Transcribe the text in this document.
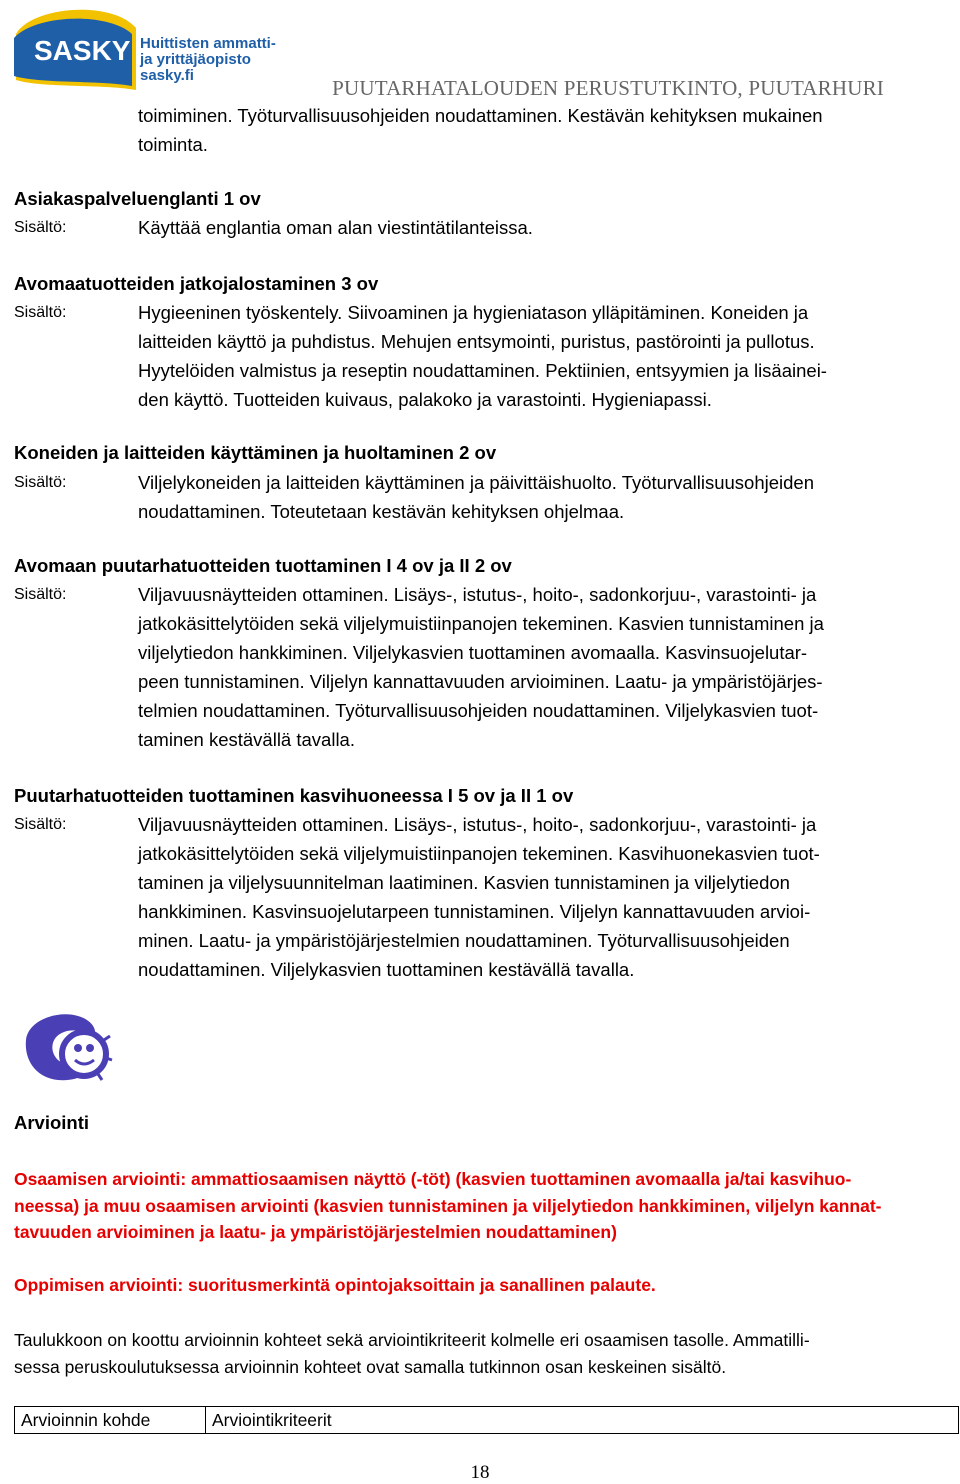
SASKY Huittisten ammatti-
ja yrittäjäopisto
sasky.fi
PUUTARHATALOUDEN PERUSTUTKINTO, PUUTARHURI
toimiminen. Työturvallisuusohjeiden noudattaminen. Kestävän kehityksen mukainen
toiminta.
Asiakaspalveluenglanti 1 ov
Sisältö:	Käyttää englantia oman alan viestintätilanteissa.
Avomaatuotteiden jatkojalostaminen 3 ov
Sisältö:	Hygieeninen työskentely. Siivoaminen ja hygieniatason ylläpitäminen. Koneiden ja
laitteiden käyttö ja puhdistus. Mehujen entsymointi, puristus, pastörointi ja pullotus.
Hyytelöiden valmistus ja reseptin noudattaminen. Pektiinien, entsyymien ja lisäainei-
den käyttö. Tuotteiden kuivaus, palakoko ja varastointi. Hygieniapassi.
Koneiden ja laitteiden käyttäminen ja huoltaminen 2 ov
Sisältö:	Viljelykoneiden ja laitteiden käyttäminen ja päivittäishuolto. Työturvallisuusohjeiden
noudattaminen. Toteutetaan kestävän kehityksen ohjelmaa.
Avomaan puutarhatuotteiden tuottaminen I 4 ov ja II 2 ov
Sisältö:	Viljavuusnäytteiden ottaminen. Lisäys-, istutus-, hoito-, sadonkorjuu-, varastointi- ja
jatkokäsittelytöiden sekä viljelymuistiinpanojen tekeminen. Kasvien tunnistaminen ja
viljelytiedon hankkiminen. Viljelykasvien tuottaminen avomaalla. Kasvinsuojelutar-
peen tunnistaminen. Viljelyn kannattavuuden arvioiminen. Laatu- ja ympäristöjärjes-
telmien noudattaminen. Työturvallisuusohjeiden noudattaminen. Viljelykasvien tuot-
taminen kestävällä tavalla.
Puutarhatuotteiden tuottaminen kasvihuoneessa I 5 ov ja II 1 ov
Sisältö:	Viljavuusnäytteiden ottaminen. Lisäys-, istutus-, hoito-, sadonkorjuu-, varastointi- ja
jatkokäsittelytöiden sekä viljelymuistiinpanojen tekeminen. Kasvihuonekasvien tuot-
taminen ja viljelysuunnitelman laatiminen. Kasvien tunnistaminen ja viljelytiedon
hankkiminen. Kasvinsuojelutarpeen tunnistaminen. Viljelyn kannattavuuden arvioi-
minen. Laatu- ja ympäristöjärjestelmien noudattaminen. Työturvallisuusohjeiden
noudattaminen. Viljelykasvien tuottaminen kestävällä tavalla.
Arviointi
Osaamisen arviointi: ammattiosaamisen näyttö (-töt) (kasvien tuottaminen avomaalla ja/tai kasvihuo-
neessa) ja muu osaamisen arviointi (kasvien tunnistaminen ja viljelytiedon hankkiminen, viljelyn kannat-
tavuuden arvioiminen ja laatu- ja ympäristöjärjestelmien noudattaminen)
Oppimisen arviointi: suoritusmerkintä opintojaksoittain ja sanallinen palaute.
Taulukkoon on koottu arvioinnin kohteet sekä arviointikriteerit kolmelle eri osaamisen tasolle. Ammatilli-
sessa peruskoulutuksessa arvioinnin kohteet ovat samalla tutkinnon osan keskeinen sisältö.
Arvioinnin kohde	Arviointikriteerit
18
